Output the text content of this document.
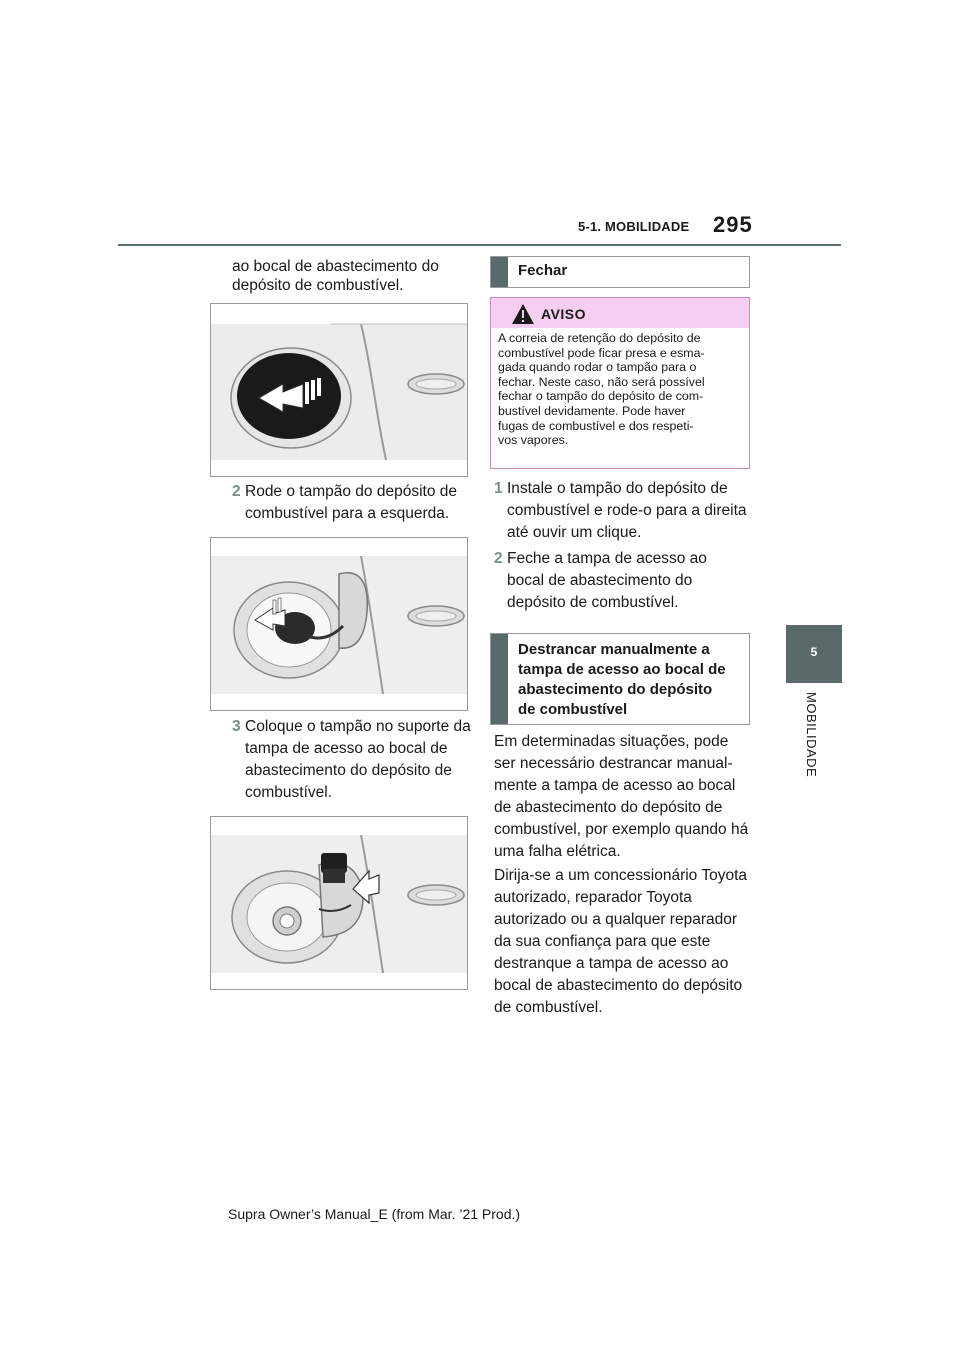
5-1. MOBILIDADE 295
5
MOBILIDADE
ao bocal de abastecimento do
depósito de combustível.
2 Rode o tampão do depósito de combustível para a esquerda.
3 Coloque o tampão no suporte da tampa de acesso ao bocal de abastecimento do depósito de combustível.
Fechar
AVISO
A correia de retenção do depósito de
combustível pode ficar presa e esma-
gada quando rodar o tampão para o
fechar. Neste caso, não será possível
fechar o tampão do depósito de com-
bustível devidamente. Pode haver
fugas de combustível e dos respeti-
vos vapores.
1 Instale o tampão do depósito de combustível e rode-o para a direita até ouvir um clique.
2 Feche a tampa de acesso ao bocal de abastecimento do depósito de combustível.
Destrancar manualmente a
tampa de acesso ao bocal de
abastecimento do depósito
de combustível
Em determinadas situações, pode ser necessário destrancar manual-mente a tampa de acesso ao bocal de abastecimento do depósito de combustível, por exemplo quando há uma falha elétrica.
Dirija-se a um concessionário Toyota autorizado, reparador Toyota autorizado ou a qualquer reparador da sua confiança para que este destranque a tampa de acesso ao bocal de abastecimento do depósito de combustível.
Supra Owner’s Manual_E (from Mar. ’21 Prod.)
